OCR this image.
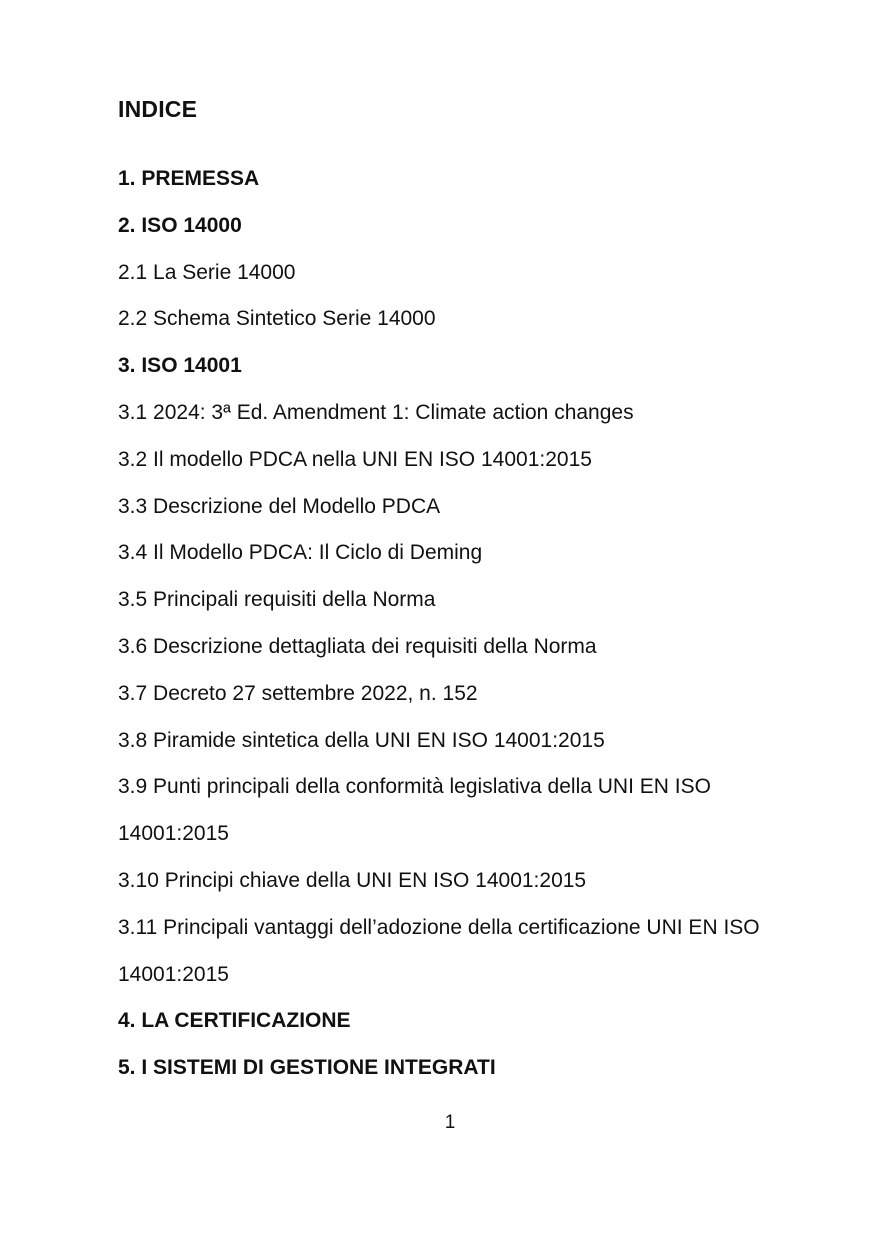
INDICE
1. PREMESSA
2. ISO 14000
2.1 La Serie 14000
2.2 Schema Sintetico Serie 14000
3. ISO 14001
3.1 2024: 3ª Ed. Amendment 1: Climate action changes
3.2 Il modello PDCA nella UNI EN ISO 14001:2015
3.3 Descrizione del Modello PDCA
3.4 Il Modello PDCA: Il Ciclo di Deming
3.5 Principali requisiti della Norma
3.6 Descrizione dettagliata dei requisiti della Norma
3.7 Decreto 27 settembre 2022, n. 152
3.8 Piramide sintetica della UNI EN ISO 14001:2015
3.9 Punti principali della conformità legislativa della UNI EN ISO 14001:2015
3.10 Principi chiave della UNI EN ISO 14001:2015
3.11 Principali vantaggi dell’adozione della certificazione UNI EN ISO 14001:2015
4. LA CERTIFICAZIONE
5. I SISTEMI DI GESTIONE INTEGRATI
1
